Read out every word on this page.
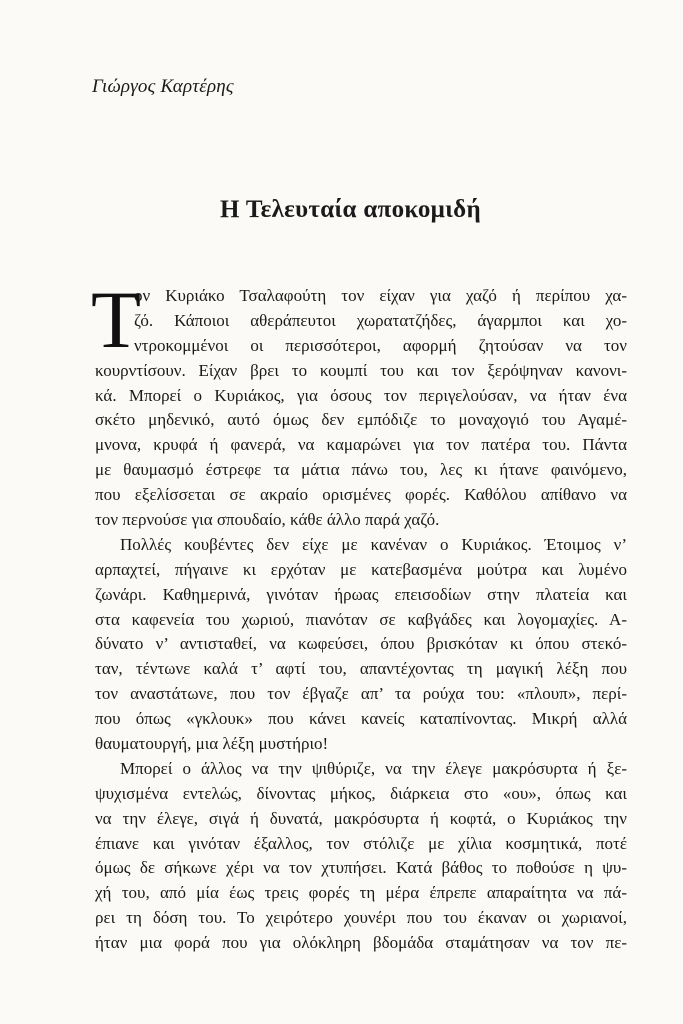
Γιώργος Καρτέρης
Η Τελευταία αποκομιδή
Τ

ον Κυριάκο Τσαλαφούτη τον είχαν για χαζό ή περίπου χα-
ζό. Κάποιοι αθεράπευτοι χωρατατζήδες, άγαρμποι και χο-
ντροκομμένοι οι περισσότεροι, αφορμή ζητούσαν να τον
κουρντίσουν. Είχαν βρει το κουμπί του και τον ξερόψηναν κανονι-
κά. Μπορεί ο Κυριάκος, για όσους τον περιγελούσαν, να ήταν ένα
σκέτο μηδενικό, αυτό όμως δεν εμπόδιζε το μοναχογιό του Αγαμέ-
μνονα, κρυφά ή φανερά, να καμαρώνει για τον πατέρα του. Πάντα
με θαυμασμό έστρεφε τα μάτια πάνω του, λες κι ήτανε φαινόμενο,
που εξελίσσεται σε ακραίο ορισμένες φορές. Καθόλου απίθανο να
τον περνούσε για σπουδαίο, κάθε άλλο παρά χαζό.

Πολλές κουβέντες δεν είχε με κανέναν ο Κυριάκος. Έτοιμος ν’
αρπαχτεί, πήγαινε κι ερχόταν με κατεβασμένα μούτρα και λυμένο
ζωνάρι. Καθημερινά, γινόταν ήρωας επεισοδίων στην πλατεία και
στα καφενεία του χωριού, πιανόταν σε καβγάδες και λογομαχίες. Α-
δύνατο ν’ αντισταθεί, να κωφεύσει, όπου βρισκόταν κι όπου στεκό-
ταν, τέντωνε καλά τ’ αφτί του, απαντέχοντας τη μαγική λέξη που
τον αναστάτωνε, που τον έβγαζε απ’ τα ρούχα του: «πλουπ», περί-
που όπως «γκλουκ» που κάνει κανείς καταπίνοντας. Μικρή αλλά
θαυματουργή, μια λέξη μυστήριο!

Μπορεί ο άλλος να την ψιθύριζε, να την έλεγε μακρόσυρτα ή ξε-
ψυχισμένα εντελώς, δίνοντας μήκος, διάρκεια στο «ου», όπως και
να την έλεγε, σιγά ή δυνατά, μακρόσυρτα ή κοφτά, ο Κυριάκος την
έπιανε και γινόταν έξαλλος, τον στόλιζε με χίλια κοσμητικά, ποτέ
όμως δε σήκωνε χέρι να τον χτυπήσει. Κατά βάθος το ποθούσε η ψυ-
χή του, από μία έως τρεις φορές τη μέρα έπρεπε απαραίτητα να πά-
ρει τη δόση του. Το χειρότερο χουνέρι που του έκαναν οι χωριανοί,
ήταν μια φορά που για ολόκληρη βδομάδα σταμάτησαν να τον πε-
